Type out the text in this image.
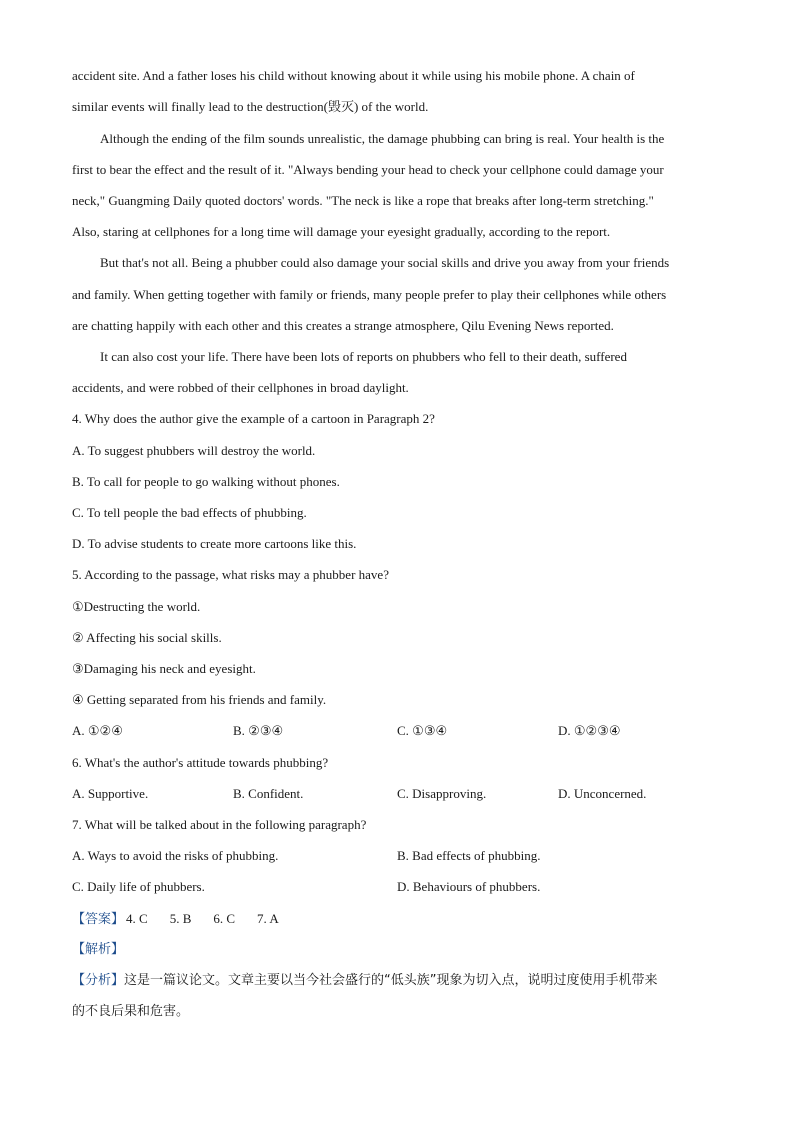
accident site. And a father loses his child without knowing about it while using his mobile phone. A chain of
similar events will finally lead to the destruction(毁灭) of the world.
Although the ending of the film sounds unrealistic, the damage phubbing can bring is real. Your health is the
first to bear the effect and the result of it. "Always bending your head to check your cellphone could damage your
neck," Guangming Daily quoted doctors' words. "The neck is like a rope that breaks after long-term stretching."
Also, staring at cellphones for a long time will damage your eyesight gradually, according to the report.
But that's not all. Being a phubber could also damage your social skills and drive you away from your friends
and family. When getting together with family or friends, many people prefer to play their cellphones while others
are chatting happily with each other and this creates a strange atmosphere, Qilu Evening News reported.
It can also cost your life. There have been lots of reports on phubbers who fell to their death, suffered
accidents, and were robbed of their cellphones in broad daylight.
4. Why does the author give the example of a cartoon in Paragraph 2?
A. To suggest phubbers will destroy the world.
B. To call for people to go walking without phones.
C. To tell people the bad effects of phubbing.
D. To advise students to create more cartoons like this.
5. According to the passage, what risks may a phubber have?
①Destructing the world.
② Affecting his social skills.
③Damaging his neck and eyesight.
④ Getting separated from his friends and family.
A. ①②④	B. ②③④	C. ①③④	D. ①②③④
6. What's the author's attitude towards phubbing?
A. Supportive.	B. Confident.	C. Disapproving.	D. Unconcerned.
7. What will be talked about in the following paragraph?
A. Ways to avoid the risks of phubbing.	B. Bad effects of phubbing.
C. Daily life of phubbers.	D. Behaviours of phubbers.
【答案】 4. C 5. B 6. C 7. A
【解析】
【分析】这是一篇议论文。文章主要以当今社会盛行的“低头族”现象为切入点，说明过度使用手机带来
的不良后果和危害。
